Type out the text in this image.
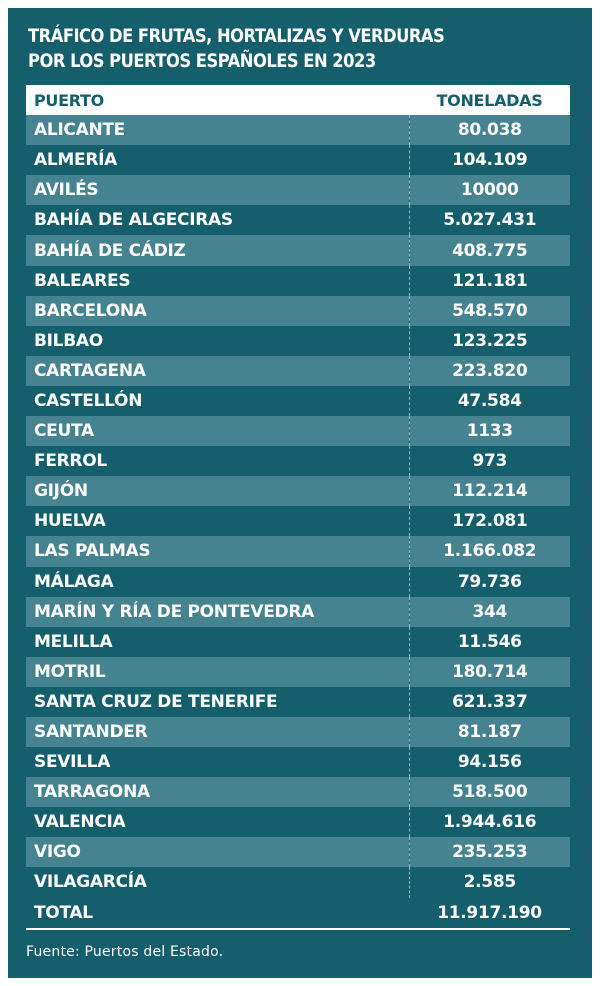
TRÁFICO DE FRUTAS, HORTALIZAS Y VERDURAS
POR LOS PUERTOS ESPAÑOLES EN 2023
PUERTO	TONELADAS
ALICANTE	80.038
ALMERÍA	104.109
AVILÉS	10000
BAHÍA DE ALGECIRAS	5.027.431
BAHÍA DE CÁDIZ	408.775
BALEARES	121.181
BARCELONA	548.570
BILBAO	123.225
CARTAGENA	223.820
CASTELLÓN	47.584
CEUTA	1133
FERROL	973
GIJÓN	112.214
HUELVA	172.081
LAS PALMAS	1.166.082
MÁLAGA	79.736
MARÍN Y RÍA DE PONTEVEDRA	344
MELILLA	11.546
MOTRIL	180.714
SANTA CRUZ DE TENERIFE	621.337
SANTANDER	81.187
SEVILLA	94.156
TARRAGONA	518.500
VALENCIA	1.944.616
VIGO	235.253
VILAGARCÍA	2.585
TOTAL	11.917.190
Fuente: Puertos del Estado.
